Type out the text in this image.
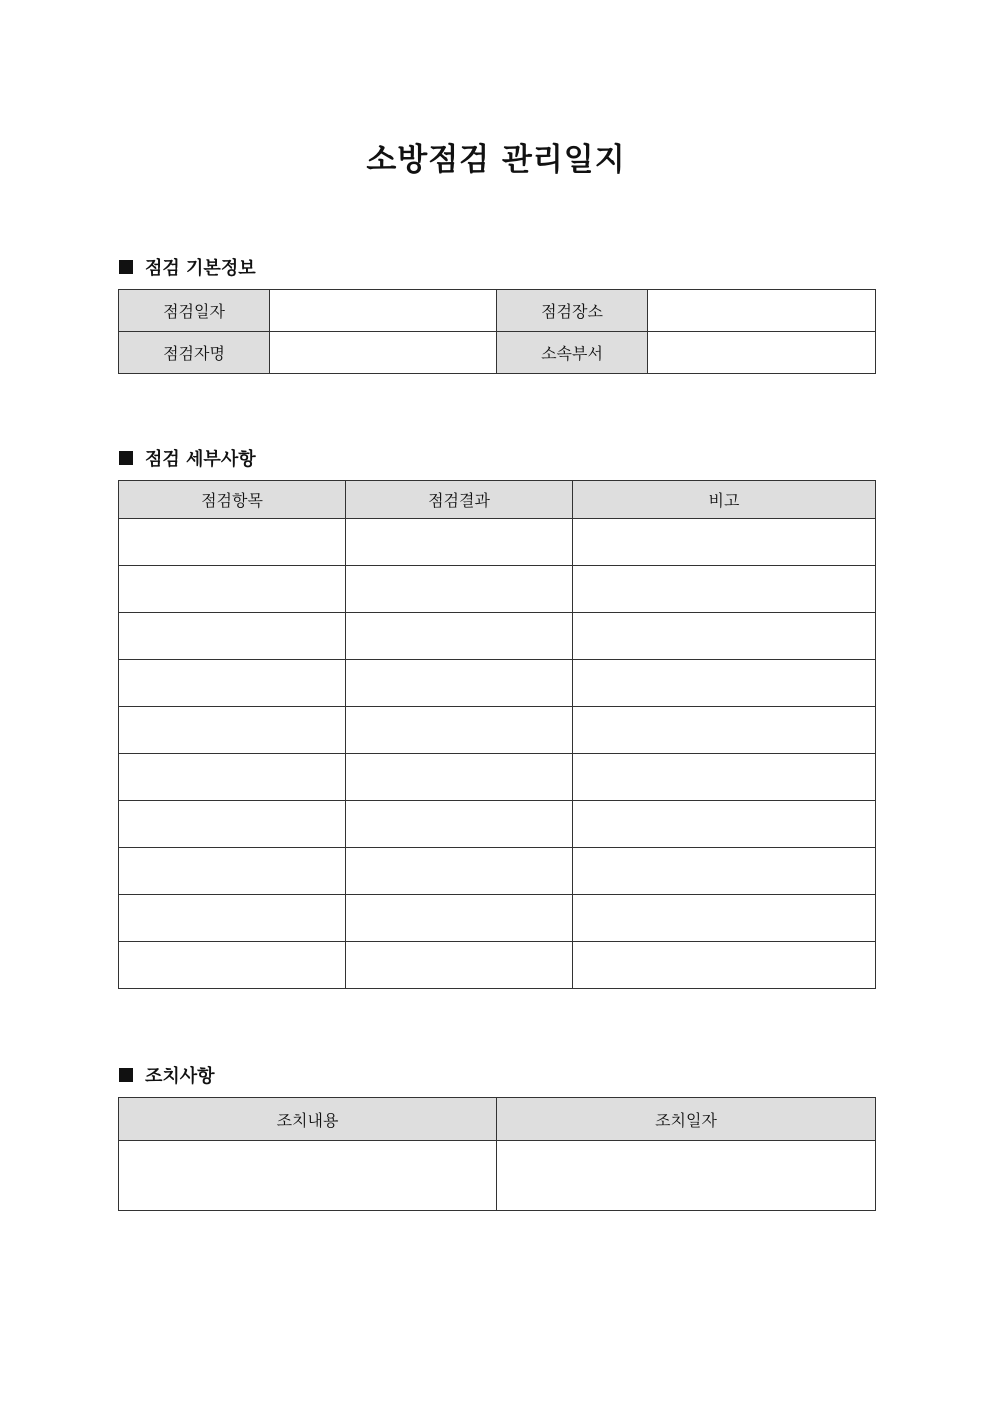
소방점검 관리일지
점검 기본정보
점검일자		점검장소	
점검자명		소속부서	
점검 세부사항
점검항목	점검결과	비고

조치사항
조치내용	조치일자
